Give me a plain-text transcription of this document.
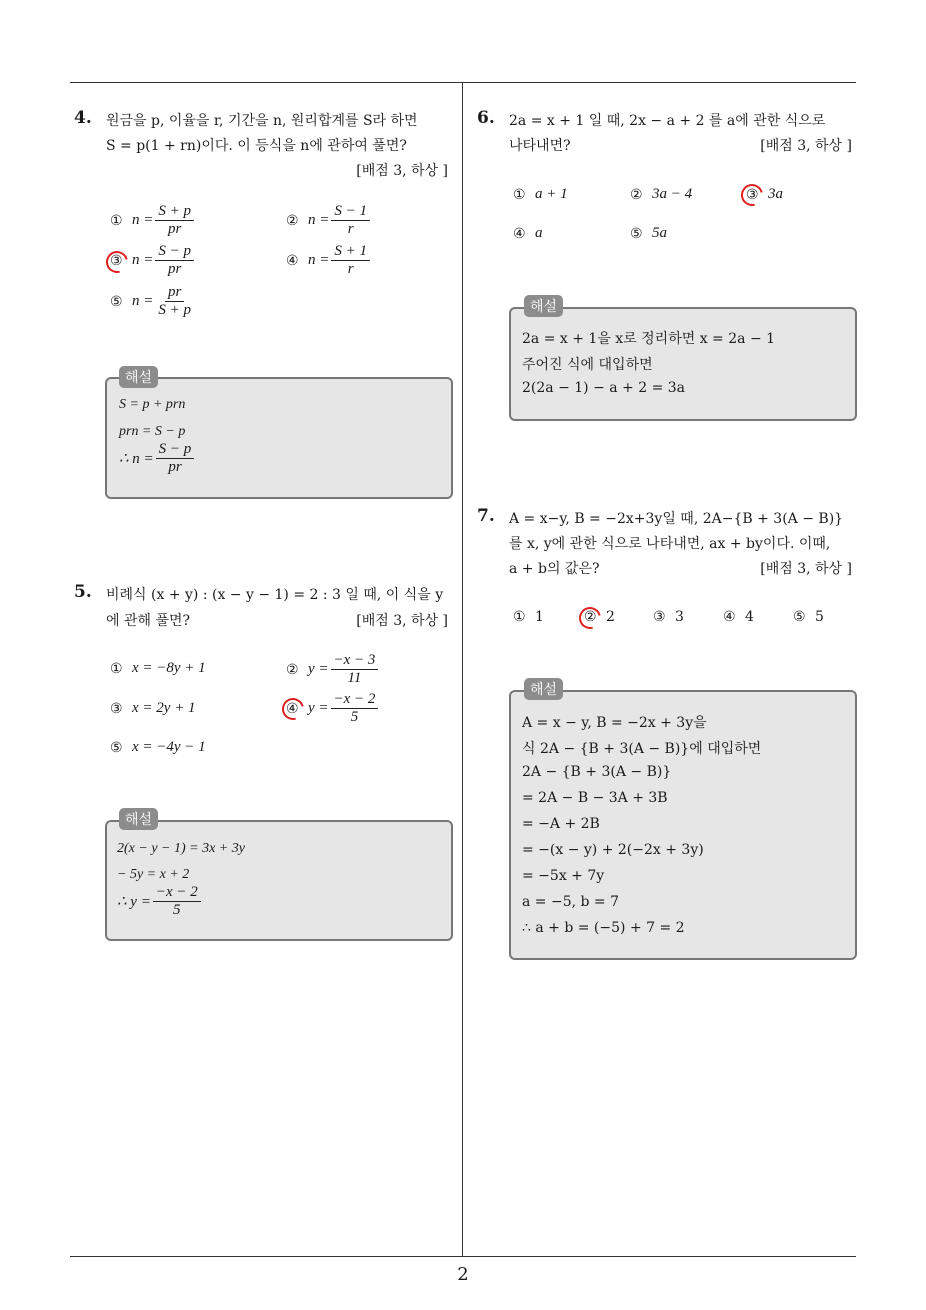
4. 원금을 p, 이율을 r, 기간을 n, 원리합계를 S라 하면
S = p(1 + rn)이다. 이 등식을 n에 관하여 풀면?
[배점 3, 하상 ]
① $n = \frac{S + p}{pr}$	② $n = \frac{S - 1}{r}$
③ $n = \frac{S - p}{pr}$	④ $n = \frac{S + 1}{r}$
⑤ $n = \frac{pr}{S + p}$
해설
S = p + prn
prn = S − p
∴ $n = \frac{S - p}{pr}$
5. 비례식 (x + y) : (x − y − 1) = 2 : 3 일 때, 이 식을 y
에 관해 풀면?	[배점 3, 하상 ]
① x = −8y + 1	② $y = \frac{-x - 3}{11}$
③ x = 2y + 1	④ $y = \frac{-x - 2}{5}$
⑤ x = −4y − 1
해설
2(x − y − 1) = 3x + 3y
− 5y = x + 2
∴ $y = \frac{-x - 2}{5}$
6. 2a = x + 1 일 때, 2x − a + 2 를 a에 관한 식으로
나타내면?	[배점 3, 하상 ]
① a + 1	② 3a − 4	③ 3a
④ a	⑤ 5a
해설
2a = x + 1을 x로 정리하면 x = 2a − 1
주어진 식에 대입하면
2(2a − 1) − a + 2 = 3a
7. A = x−y, B = −2x+3y일 때, 2A−{B + 3(A − B)}
를 x, y에 관한 식으로 나타내면, ax + by이다. 이때,
a + b의 값은?	[배점 3, 하상 ]
① 1	② 2	③ 3	④ 4	⑤ 5
해설
A = x − y, B = −2x + 3y을
식 2A − {B + 3(A − B)}에 대입하면
2A − {B + 3(A − B)}
= 2A − B − 3A + 3B
= −A + 2B
= −(x − y) + 2(−2x + 3y)
= −5x + 7y
a = −5, b = 7
∴ a + b = (−5) + 7 = 2
2
